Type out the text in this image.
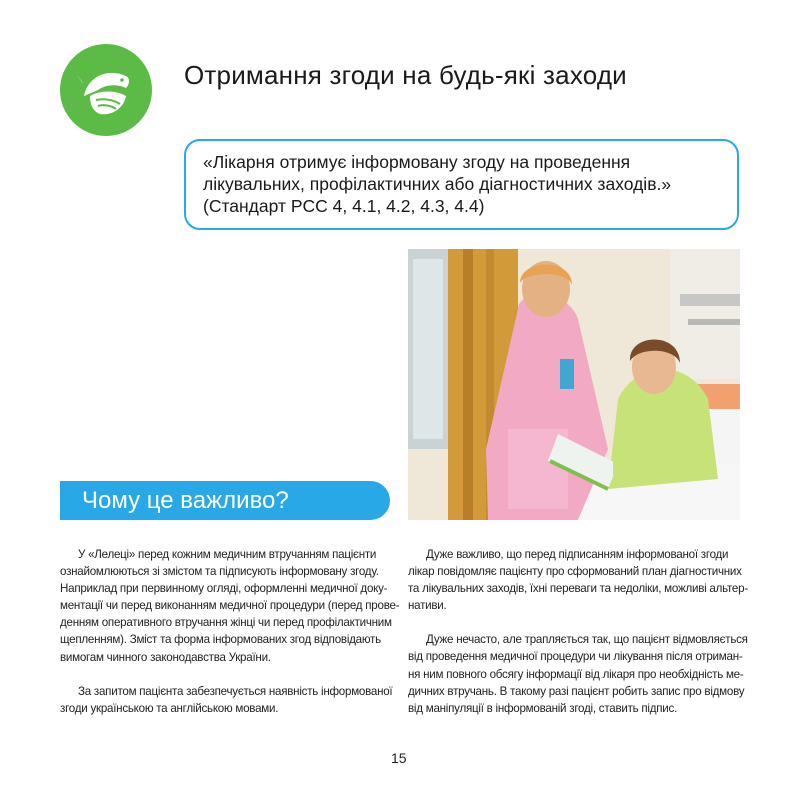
Отримання згоди на будь-які заходи
«Лікарня отримує інформовану згоду на проведення
лікувальних, профілактичних або діагностичних заходів.»
(Стандарт PCC 4, 4.1, 4.2, 4.3, 4.4)
Чому це важливо?
У «Лелеці» перед кожним медичним втручанням пацієнти
ознайомлюються зі змістом та підписують інформовану згоду.
Наприклад при первинному огляді, оформленні медичної доку-
ментації чи перед виконанням медичної процедури (перед прове-
денням оперативного втручання жінці чи перед профілактичним
щепленням). Зміст та форма інформованих згод відповідають
вимогам чинного законодавства України.
За запитом пацієнта забезпечується наявність інформованої
згоди українською та англійською мовами.
Дуже важливо, що перед підписанням інформованої згоди
лікар повідомляє пацієнту про сформований план діагностичних
та лікувальних заходів, їхні переваги та недоліки, можливі альтер-
нативи.
Дуже нечасто, але трапляється так, що пацієнт відмовляється
від проведення медичної процедури чи лікування після отриман-
ня ним повного обсягу інформації від лікаря про необхідність ме-
дичних втручань. В такому разі пацієнт робить запис про відмову
від маніпуляції в інформованій згоді, ставить підпис.
15
